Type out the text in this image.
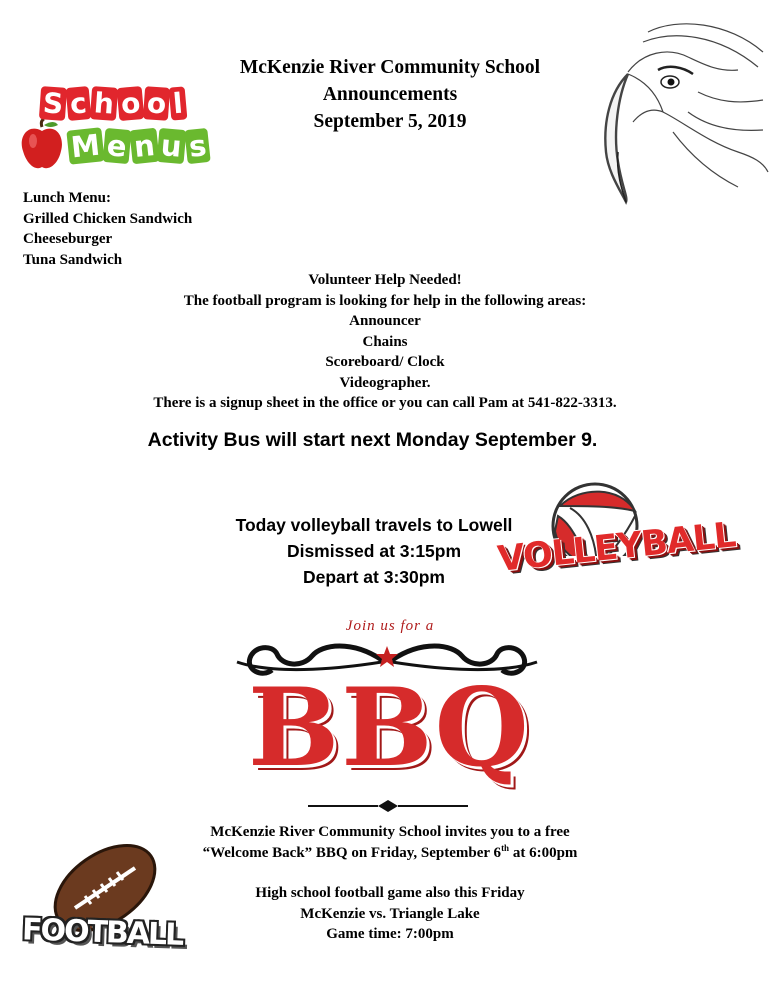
McKenzie River Community School
Announcements
September 5, 2019
S c h o o l
M e n u s
Lunch Menu:
Grilled Chicken Sandwich
Cheeseburger
Tuna Sandwich
Volunteer Help Needed!
The football program is looking for help in the following areas:
Announcer
Chains
Scoreboard/ Clock
Videographer.
There is a signup sheet in the office or you can call Pam at 541-822-3313.
Activity Bus will start next Monday September 9.
Today volleyball travels to Lowell
Dismissed at 3:15pm
Depart at 3:30pm	VOLLEYBALL
Join us for a
BBQ
McKenzie River Community School invites you to a free
“Welcome Back” BBQ on Friday, September 6th at 6:00pm
High school football game also this Friday
McKenzie vs. Triangle Lake
Game time: 7:00pm
FOOTBALL
